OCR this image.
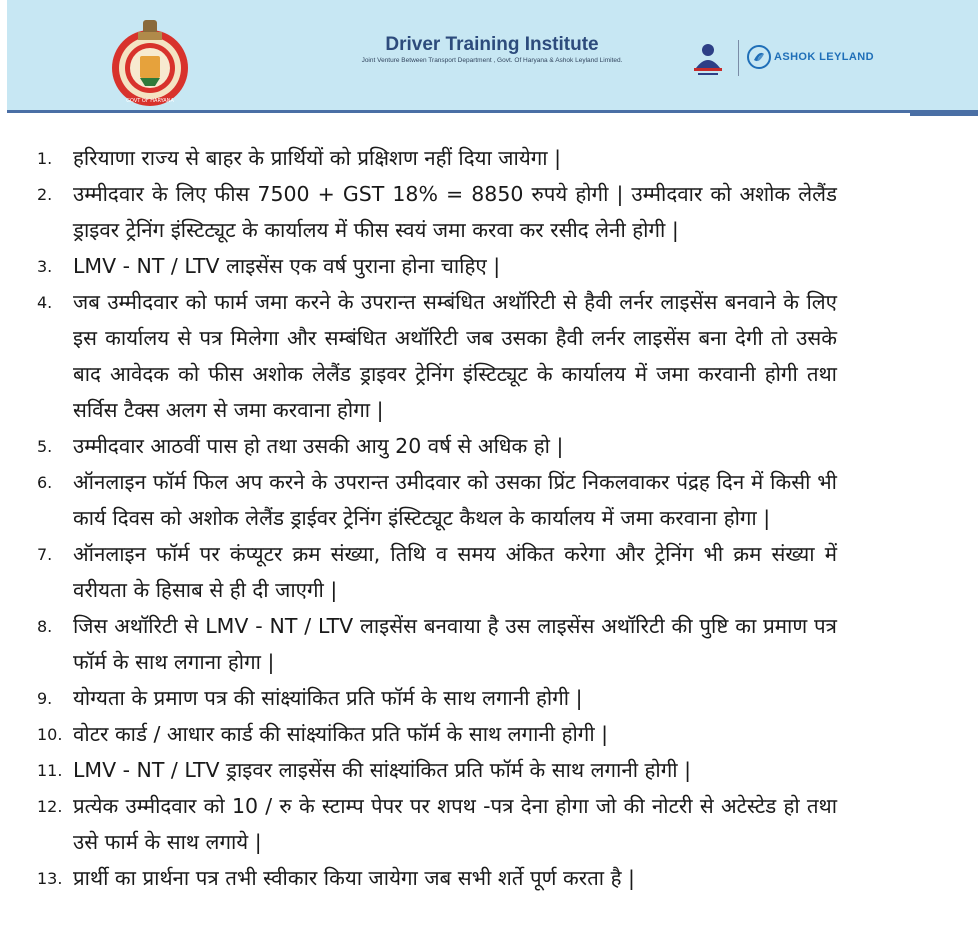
GOVT OF HARYANA
Driver Training Institute
Joint Venture Between Transport Department , Govt. Of Haryana & Ashok Leyland Limited.	ASHOK LEYLAND
1.	हरियाणा राज्य से बाहर के प्रार्थियों को प्रक्षिशण नहीं दिया जायेगा |
2.	उम्मीदवार के लिए फीस 7500 + GST 18% = 8850 रुपये होगी | उम्मीदवार को अशोक लेलैंड ड्राइवर ट्रेनिंग इंस्टिट्यूट के कार्यालय में फीस स्वयं जमा करवा कर रसीद लेनी होगी |
3.	LMV - NT / LTV लाइसेंस एक वर्ष पुराना होना चाहिए |
4.	जब उम्मीदवार को फार्म जमा करने के उपरान्त सम्बंधित अथॉरिटी से हैवी लर्नर लाइसेंस बनवाने के लिए इस कार्यालय से पत्र मिलेगा और सम्बंधित अथॉरिटी जब उसका हैवी लर्नर लाइसेंस बना देगी तो उसके बाद आवेदक को फीस अशोक लेलैंड ड्राइवर ट्रेनिंग इंस्टिट्यूट के कार्यालय में जमा करवानी होगी तथा सर्विस टैक्स अलग से जमा करवाना होगा |
5.	उम्मीदवार आठवीं पास हो तथा उसकी आयु 20 वर्ष से अधिक हो |
6.	ऑनलाइन फॉर्म फिल अप करने के उपरान्त उमीदवार को उसका प्रिंट निकलवाकर पंद्रह दिन में किसी भी कार्य दिवस को अशोक लेलैंड ड्राईवर ट्रेनिंग इंस्टिट्यूट कैथल के कार्यालय में जमा करवाना होगा |
7.	ऑनलाइन फॉर्म पर कंप्यूटर क्रम संख्या, तिथि व समय अंकित करेगा और ट्रेनिंग भी क्रम संख्या में वरीयता के हिसाब से ही दी जाएगी |
8.	जिस अथॉरिटी से LMV - NT / LTV लाइसेंस बनवाया है उस लाइसेंस अथॉरिटी की पुष्टि का प्रमाण पत्र फॉर्म के साथ लगाना होगा |
9.	योग्यता के प्रमाण पत्र की सांक्ष्यांकित प्रति फॉर्म के साथ लगानी होगी |
10. वोटर कार्ड / आधार कार्ड की सांक्ष्यांकित प्रति फॉर्म के साथ लगानी होगी |
11. LMV - NT / LTV ड्राइवर लाइसेंस की सांक्ष्यांकित प्रति फॉर्म के साथ लगानी होगी |
12. प्रत्येक उम्मीदवार को 10 / रु के स्टाम्प पेपर पर शपथ -पत्र देना होगा जो की नोटरी से अटेस्टेड हो तथा उसे फार्म के साथ लगाये |
13. प्रार्थी का प्रार्थना पत्र तभी स्वीकार किया जायेगा जब सभी शर्ते पूर्ण करता है |
